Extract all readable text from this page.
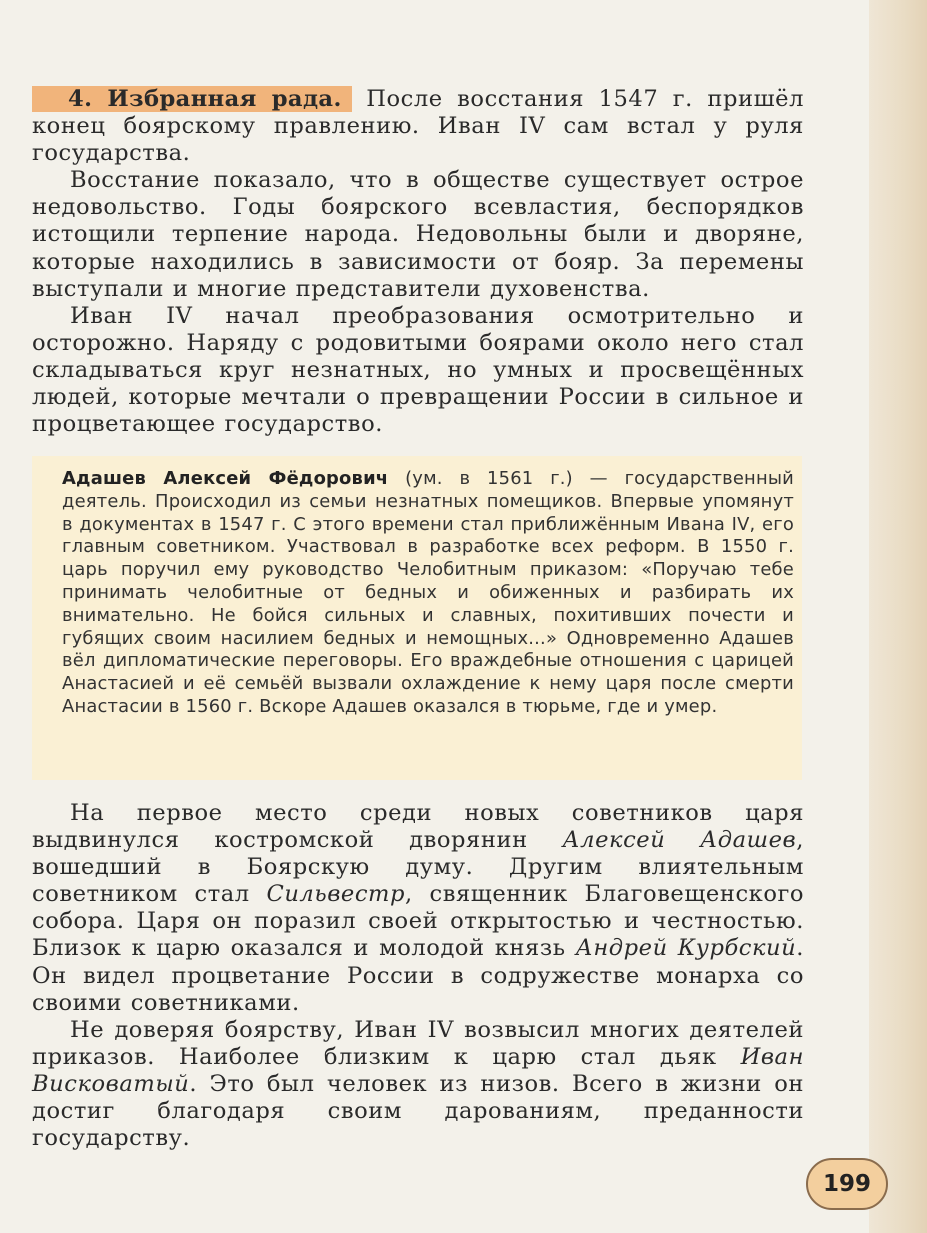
4. Избранная рада. После восстания 1547 г. пришёл конец боярскому правлению. Иван IV сам встал у руля государства.

Восстание показало, что в обществе существует острое недовольство. Годы боярского всевластия, беспорядков истощили терпение народа. Недовольны были и дворяне, которые находились в зависимости от бояр. За перемены выступали и многие представители духовенства.

Иван IV начал преобразования осмотрительно и осторожно. Наряду с родовитыми боярами около него стал складываться круг незнатных, но умных и просвещённых людей, которые мечтали о превращении России в сильное и процветающее государство.

Адашев Алексей Фёдорович (ум. в 1561 г.) — государственный деятель. Происходил из семьи незнатных помещиков. Впервые упомянут в документах в 1547 г. С этого времени стал приближённым Ивана IV, его главным советником. Участвовал в разработке всех реформ. В 1550 г. царь поручил ему руководство Челобитным приказом: «Поручаю тебе принимать челобитные от бедных и обиженных и разбирать их внимательно. Не бойся сильных и славных, похитивших почести и губящих своим насилием бедных и немощных...» Одновременно Адашев вёл дипломатические переговоры. Его враждебные отношения с царицей Анастасией и её семьёй вызвали охлаждение к нему царя после смерти Анастасии в 1560 г. Вскоре Адашев оказался в тюрьме, где и умер.

На первое место среди новых советников царя выдвинулся костромской дворянин Алексей Адашев, вошедший в Боярскую думу. Другим влиятельным советником стал Сильвестр, священник Благовещенского собора. Царя он поразил своей открытостью и честностью. Близок к царю оказался и молодой князь Андрей Курбский. Он видел процветание России в содружестве монарха со своими советниками.

Не доверяя боярству, Иван IV возвысил многих деятелей приказов. Наиболее близким к царю стал дьяк Иван Висковатый. Это был человек из низов. Всего в жизни он достиг благодаря своим дарованиям, преданности государству.

199
